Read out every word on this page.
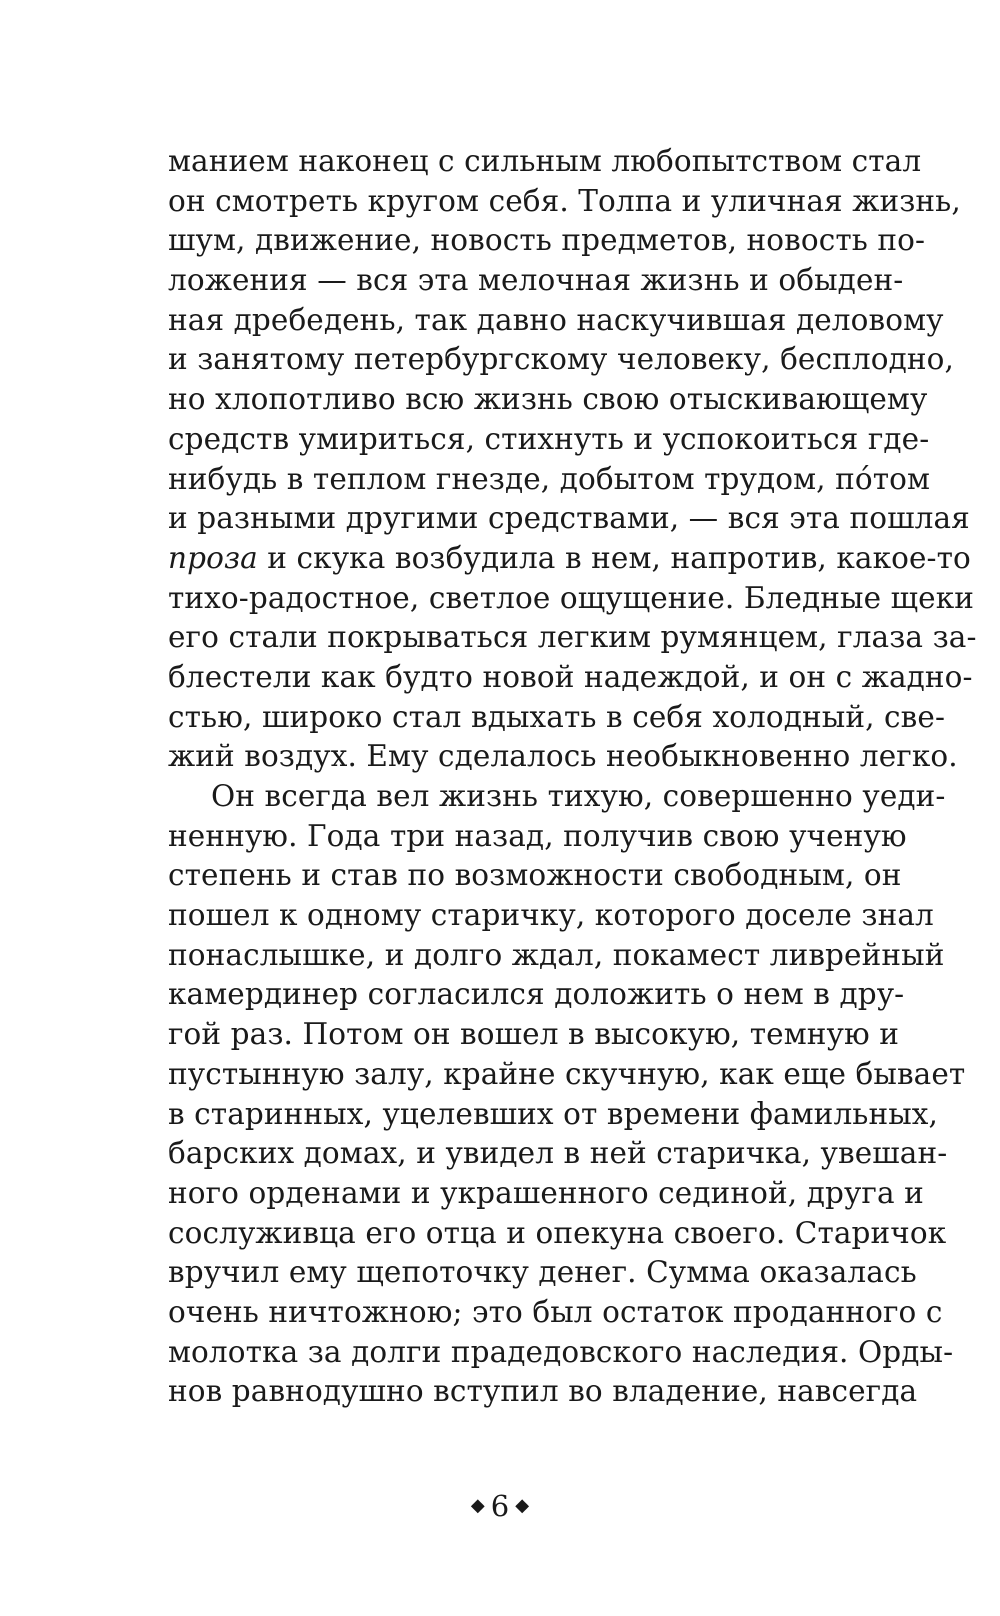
манием наконец с сильным любопытством стал
он смотреть кругом себя. Толпа и уличная жизнь,
шум, движение, новость предметов, новость по-
ложения — вся эта мелочная жизнь и обыден-
ная дребедень, так давно наскучившая деловому
и занятому петербургскому человеку, бесплодно,
но хлопотливо всю жизнь свою отыскивающему
средств умириться, стихнуть и успокоиться где-
нибудь в теплом гнезде, добытом трудом, по́том
и разными другими средствами, — вся эта пошлая
проза и скука возбудила в нем, напротив, какое-то
тихо-радостное, светлое ощущение. Бледные щеки
его стали покрываться легким румянцем, глаза за-
блестели как будто новой надеждой, и он с жадно-
стью, широко стал вдыхать в себя холодный, све-
жий воздух. Ему сделалось необыкновенно легко.
Он всегда вел жизнь тихую, совершенно уеди-
ненную. Года три назад, получив свою ученую
степень и став по возможности свободным, он
пошел к одному старичку, которого доселе знал
понаслышке, и долго ждал, покамест ливрейный
камердинер согласился доложить о нем в дру-
гой раз. Потом он вошел в высокую, темную и
пустынную залу, крайне скучную, как еще бывает
в старинных, уцелевших от времени фамильных,
барских домах, и увидел в ней старичка, увешан-
ного орденами и украшенного сединой, друга и
сослуживца его отца и опекуна своего. Старичок
вручил ему щепоточку денег. Сумма оказалась
очень ничтожною; это был остаток проданного с
молотка за долги прадедовского наследия. Орды-
нов равнодушно вступил во владение, навсегда
◆ 6 ◆
